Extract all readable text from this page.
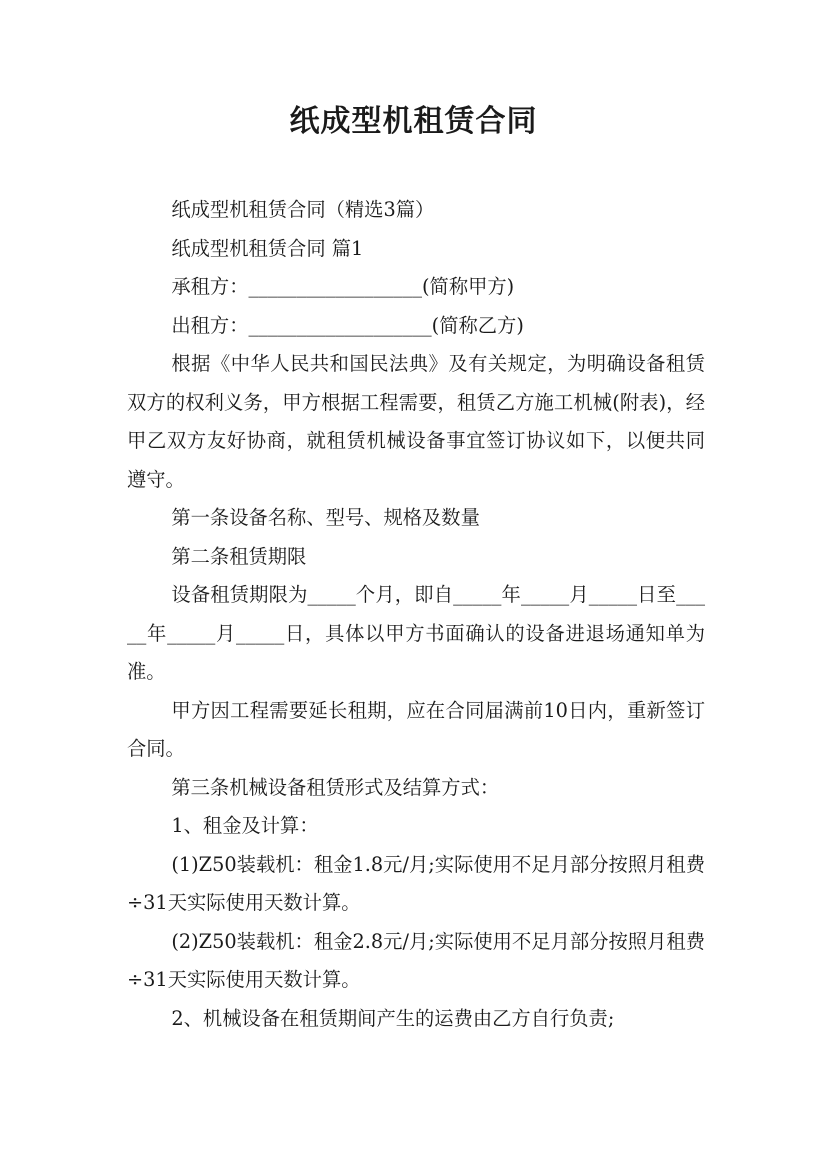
纸成型机租赁合同

纸成型机租赁合同（精选3篇）

纸成型机租赁合同 篇1

承租方：__________________(简称甲方)

出租方：___________________(简称乙方)

根据《中华人民共和国民法典》及有关规定，为明确设备租赁双方的权利义务，甲方根据工程需要，租赁乙方施工机械(附表)，经甲乙双方友好协商，就租赁机械设备事宜签订协议如下，以便共同遵守。

第一条设备名称、型号、规格及数量

第二条租赁期限

设备租赁期限为_____个月，即自_____年_____月_____日至_____年_____月_____日，具体以甲方书面确认的设备进退场通知单为准。

甲方因工程需要延长租期，应在合同届满前10日内，重新签订合同。

第三条机械设备租赁形式及结算方式：

1、租金及计算：

(1)Z50装载机：租金1.8元/月;实际使用不足月部分按照月租费÷31天实际使用天数计算。

(2)Z50装载机：租金2.8元/月;实际使用不足月部分按照月租费÷31天实际使用天数计算。

2、机械设备在租赁期间产生的运费由乙方自行负责;
